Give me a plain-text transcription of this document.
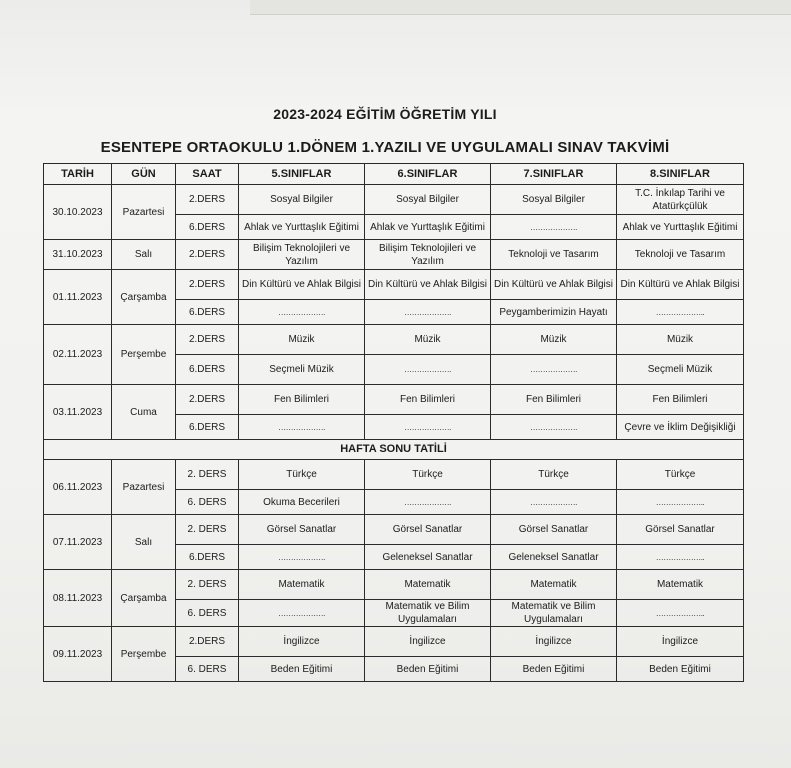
2023-2024 EĞİTİM ÖĞRETİM YILI
ESENTEPE ORTAOKULU 1.DÖNEM 1.YAZILI VE UYGULAMALI SINAV TAKVİMİ
TARİH	GÜN	SAAT	5.SINIFLAR	6.SINIFLAR	7.SINIFLAR	8.SINIFLAR
30.10.2023	Pazartesi	2.DERS	Sosyal Bilgiler	Sosyal Bilgiler	Sosyal Bilgiler	T.C. İnkılap Tarihi ve Atatürkçülük
		6.DERS	Ahlak ve Yurttaşlık Eğitimi	Ahlak ve Yurttaşlık Eğitimi	……………….	Ahlak ve Yurttaşlık Eğitimi
31.10.2023	Salı	2.DERS	Bilişim Teknolojileri ve Yazılım	Bilişim Teknolojileri ve Yazılım	Teknoloji ve Tasarım	Teknoloji ve Tasarım
01.11.2023	Çarşamba	2.DERS	Din Kültürü ve Ahlak Bilgisi	Din Kültürü ve Ahlak Bilgisi	Din Kültürü ve Ahlak Bilgisi	Din Kültürü ve Ahlak Bilgisi
		6.DERS	……………….	……………….	Peygamberimizin Hayatı	………………..
02.11.2023	Perşembe	2.DERS	Müzik	Müzik	Müzik	Müzik
		6.DERS	Seçmeli Müzik	……………….	……………….	Seçmeli Müzik
03.11.2023	Cuma	2.DERS	Fen Bilimleri	Fen Bilimleri	Fen Bilimleri	Fen Bilimleri
		6.DERS	……………….	……………….	……………….	Çevre ve İklim Değişikliği
HAFTA SONU TATİLİ						
06.11.2023	Pazartesi	2. DERS	Türkçe	Türkçe	Türkçe	Türkçe
		6. DERS	Okuma Becerileri	……………….	……………….	………………..
07.11.2023	Salı	2. DERS	Görsel Sanatlar	Görsel Sanatlar	Görsel Sanatlar	Görsel Sanatlar
		6.DERS	……………….	Geleneksel Sanatlar	Geleneksel Sanatlar	………………..
08.11.2023	Çarşamba	2. DERS	Matematik	Matematik	Matematik	Matematik
		6. DERS	……………….	Matematik ve Bilim Uygulamaları	Matematik ve Bilim Uygulamaları	………………..
09.11.2023	Perşembe	2.DERS	İngilizce	İngilizce	İngilizce	İngilizce
		6. DERS	Beden Eğitimi	Beden Eğitimi	Beden Eğitimi	Beden Eğitimi
